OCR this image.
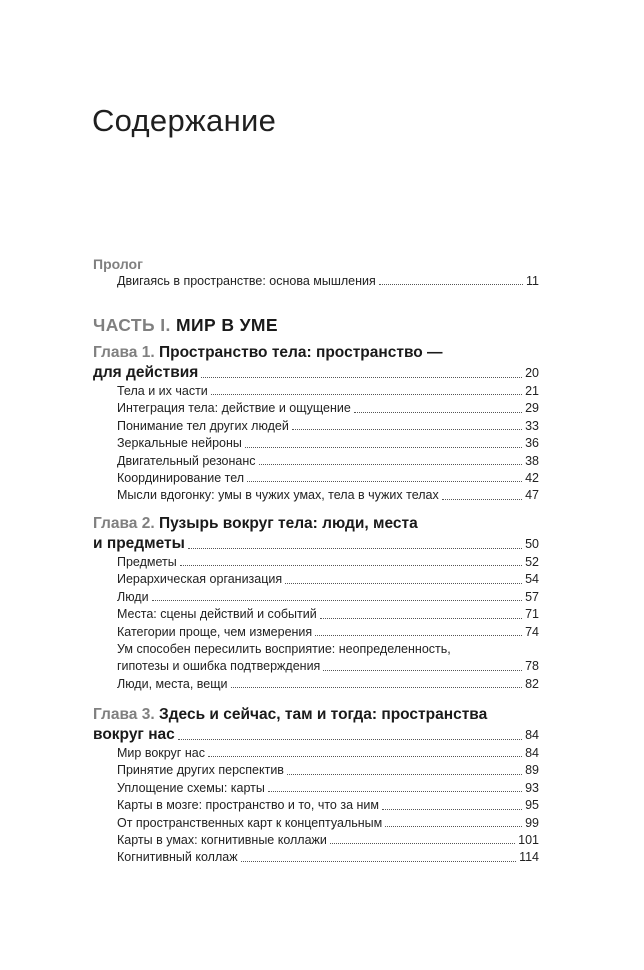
Содержание
Пролог
Двигаясь в пространстве: основа мышления	11
ЧАСТЬ I. МИР В УМЕ
Глава 1. Пространство тела: пространство —
для действия	20
Тела и их части	21
Интеграция тела: действие и ощущение	29
Понимание тел других людей	33
Зеркальные нейроны	36
Двигательный резонанс	38
Координирование тел	42
Мысли вдогонку: умы в чужих умах, тела в чужих телах	47
Глава 2. Пузырь вокруг тела: люди, места
и предметы	50
Предметы	52
Иерархическая организация	54
Люди	57
Места: сцены действий и событий	71
Категории проще, чем измерения	74
Ум способен пересилить восприятие: неопределенность,
гипотезы и ошибка подтверждения	78
Люди, места, вещи	82
Глава 3. Здесь и сейчас, там и тогда: пространства
вокруг нас	84
Мир вокруг нас	84
Принятие других перспектив	89
Уплощение схемы: карты	93
Карты в мозге: пространство и то, что за ним	95
От пространственных карт к концептуальным	99
Карты в умах: когнитивные коллажи	101
Когнитивный коллаж	114
